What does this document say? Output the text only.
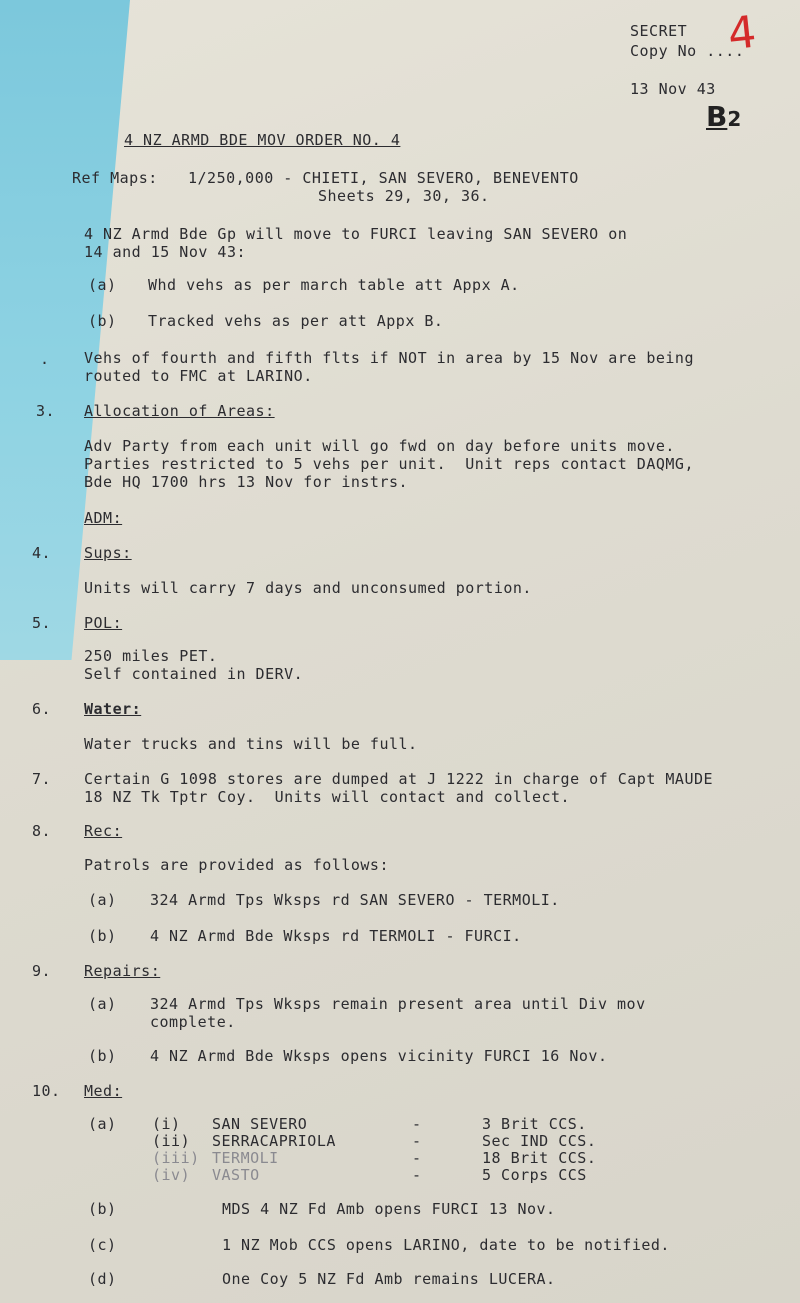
SECRET
Copy No ....
4
13 Nov 43
B2
4 NZ ARMD BDE MOV ORDER NO. 4
Ref Maps: 1/250,000 - CHIETI, SAN SEVERO, BENEVENTO
Sheets 29, 30, 36.
4 NZ Armd Bde Gp will move to FURCI leaving SAN SEVERO on
14 and 15 Nov 43:
(a) Whd vehs as per march table att Appx A.
(b) Tracked vehs as per att Appx B.
. Vehs of fourth and fifth flts if NOT in area by 15 Nov are being
routed to FMC at LARINO.
3. Allocation of Areas:
Adv Party from each unit will go fwd on day before units move.
Parties restricted to 5 vehs per unit.  Unit reps contact DAQMG,
Bde HQ 1700 hrs 13 Nov for instrs.
ADM:
4. Sups:
Units will carry 7 days and unconsumed portion.
5. POL:
250 miles PET.
Self contained in DERV.
6. Water:
Water trucks and tins will be full.
7. Certain G 1098 stores are dumped at J 1222 in charge of Capt MAUDE
18 NZ Tk Tptr Coy.  Units will contact and collect.
8. Rec:
Patrols are provided as follows:
(a) 324 Armd Tps Wksps rd SAN SEVERO - TERMOLI.
(b) 4 NZ Armd Bde Wksps rd TERMOLI - FURCI.
9. Repairs:
(a) 324 Armd Tps Wksps remain present area until Div mov
complete.
(b) 4 NZ Armd Bde Wksps opens vicinity FURCI 16 Nov.
10. Med:
(a) (i) SAN SEVERO	-	3 Brit CCS.
(ii) SERRACAPRIOLA	-	Sec IND CCS.
(iii) TERMOLI	-	18 Brit CCS.
(iv) VASTO	-	5 Corps CCS
(b)	MDS 4 NZ Fd Amb opens FURCI 13 Nov.
(c)	1 NZ Mob CCS opens LARINO, date to be notified.
(d)	One Coy 5 NZ Fd Amb remains LUCERA.
